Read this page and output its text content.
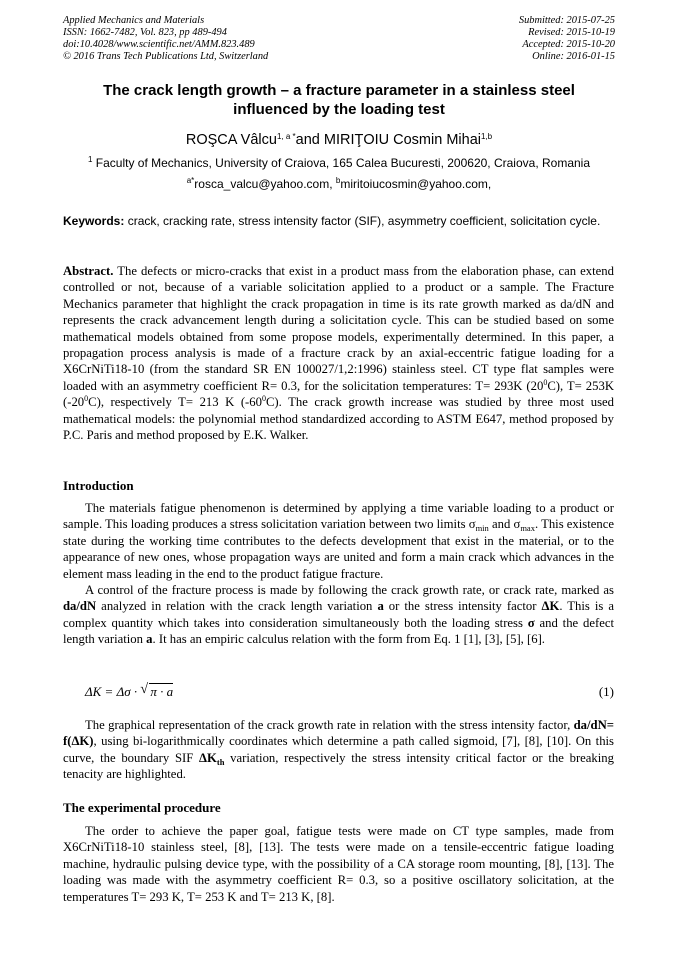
Applied Mechanics and Materials
ISSN: 1662-7482, Vol. 823, pp 489-494
doi:10.4028/www.scientific.net/AMM.823.489
© 2016 Trans Tech Publications Ltd, Switzerland
Submitted: 2015-07-25
Revised: 2015-10-19
Accepted: 2015-10-20
Online: 2016-01-15
The crack length growth – a fracture parameter in a stainless steel influenced by the loading test
ROŞCA Vâlcu$^{1, a *}$and MIRIŢOIU Cosmin Mihai$^{1,b}$
$^1$ Faculty of Mechanics, University of Craiova, 165 Calea Bucuresti, 200620, Craiova, Romania
$^{a*}$rosca_valcu@yahoo.com, $^b$miritoiucosmin@yahoo.com,
Keywords: crack, cracking rate, stress intensity factor (SIF), asymmetry coefficient, solicitation cycle.
Abstract. The defects or micro-cracks that exist in a product mass from the elaboration phase, can extend controlled or not, because of a variable solicitation applied to a product or a sample. The Fracture Mechanics parameter that highlight the crack propagation in time is its rate growth marked as da/dN and represents the crack advancement length during a solicitation cycle. This can be studied based on some mathematical models obtained from some propose models, experimentally determined. In this paper, a propagation process analysis is made of a fracture crack by an axial-eccentric fatigue loading for a X6CrNiTi18-10 (from the standard SR EN 100027/1,2:1996) stainless steel. CT type flat samples were loaded with an asymmetry coefficient R= 0.3, for the solicitation temperatures: T= 293K $(20^0C)$, T= 253K $(-20^0C)$, respectively T= 213 K $(-60^0C)$. The crack growth increase was studied by three most used mathematical models: the polynomial method standardized according to ASTM E647, method proposed by P.C. Paris and method proposed by E.K. Walker.
Introduction
The materials fatigue phenomenon is determined by applying a time variable loading to a product or sample. This loading produces a stress solicitation variation between two limits $\sigma_{min}$ and $\sigma_{max}$. This existence state during the working time contributes to the defects development that exist in the material, or to the appearance of new ones, whose propagation ways are united and form a main crack which advances in the element mass leading in the end to the product fatigue fracture.
A control of the fracture process is made by following the crack growth rate, or crack rate, marked as da/dN analyzed in relation with the crack length variation a or the stress intensity factor ΔK. This is a complex quantity which takes into consideration simultaneously both the loading stress σ and the defect length variation a. It has an empiric calculus relation with the form from Eq. 1 [1], [3], [5], [6].
ΔK = Δσ · √ π · a	(1)
The graphical representation of the crack growth rate in relation with the stress intensity factor, da/dN= f(ΔK), using bi-logarithmically coordinates which determine a path called sigmoid, [7], [8], [10]. On this curve, the boundary SIF $\Delta K_{th}$ variation, respectively the stress intensity critical factor or the breaking tenacity are highlighted.
The experimental procedure
The order to achieve the paper goal, fatigue tests were made on CT type samples, made from X6CrNiTi18-10 stainless steel, [8], [13]. The tests were made on a tensile-eccentric fatigue loading machine, hydraulic pulsing device type, with the possibility of a CA storage room mounting, [8], [13]. The loading was made with the asymmetry coefficient R= 0.3, so a positive oscillatory solicitation, at the temperatures T= 293 K, T= 253 K and T= 213 K, [8].
